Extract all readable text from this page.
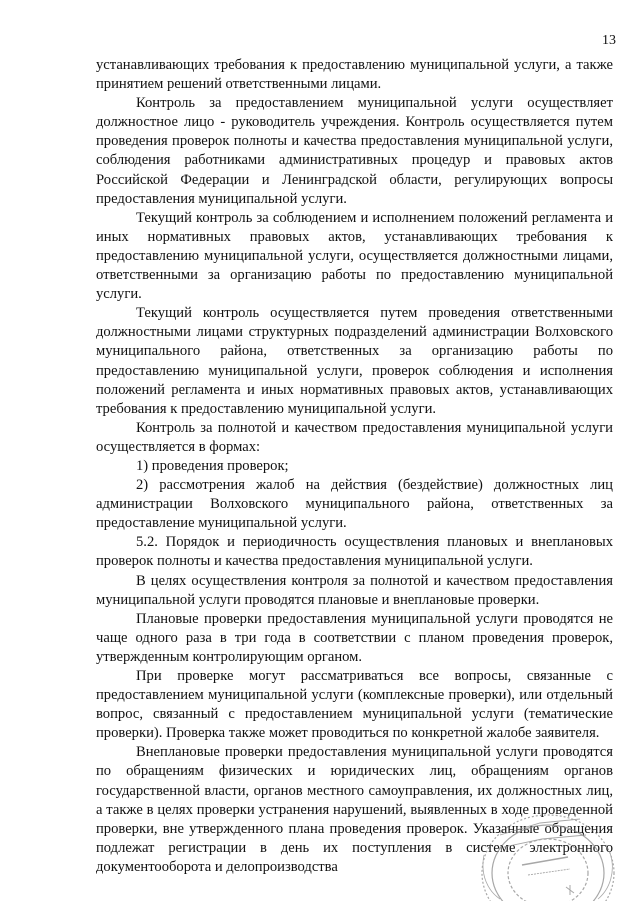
13

устанавливающих требования к предоставлению муниципальной услуги, а также принятием решений ответственными лицами.

Контроль за предоставлением муниципальной услуги осуществляет должностное лицо - руководитель учреждения. Контроль осуществляется путем проведения проверок полноты и качества предоставления муниципальной услуги, соблюдения работниками административных процедур и правовых актов Российской Федерации и Ленинградской области, регулирующих вопросы предоставления муниципальной услуги.

Текущий контроль за соблюдением и исполнением положений регламента и иных нормативных правовых актов, устанавливающих требования к предоставлению муниципальной услуги, осуществляется должностными лицами, ответственными за организацию работы по предоставлению муниципальной услуги.

Текущий контроль осуществляется путем проведения ответственными должностными лицами структурных подразделений администрации Волховского муниципального района, ответственных за организацию работы по предоставлению муниципальной услуги, проверок соблюдения и исполнения положений регламента и иных нормативных правовых актов, устанавливающих требования к предоставлению муниципальной услуги.

Контроль за полнотой и качеством предоставления муниципальной услуги осуществляется в формах:

1) проведения проверок;

2) рассмотрения жалоб на действия (бездействие) должностных лиц администрации Волховского муниципального района, ответственных за предоставление муниципальной услуги.

5.2. Порядок и периодичность осуществления плановых и внеплановых проверок полноты и качества предоставления муниципальной услуги.

В целях осуществления контроля за полнотой и качеством предоставления муниципальной услуги проводятся плановые и внеплановые проверки.

Плановые проверки предоставления муниципальной услуги проводятся не чаще одного раза в три года в соответствии с планом проведения проверок, утвержденным контролирующим органом.

При проверке могут рассматриваться все вопросы, связанные с предоставлением муниципальной услуги (комплексные проверки), или отдельный вопрос, связанный с предоставлением муниципальной услуги (тематические проверки). Проверка также может проводиться по конкретной жалобе заявителя.

Внеплановые проверки предоставления муниципальной услуги проводятся по обращениям физических и юридических лиц, обращениям органов государственной власти, органов местного самоуправления, их должностных лиц, а также в целях проверки устранения нарушений, выявленных в ходе проведенной проверки, вне утвержденного плана проведения проверок. Указанные обращения подлежат регистрации в день их поступления в системе электронного документооборота и делопроизводства
